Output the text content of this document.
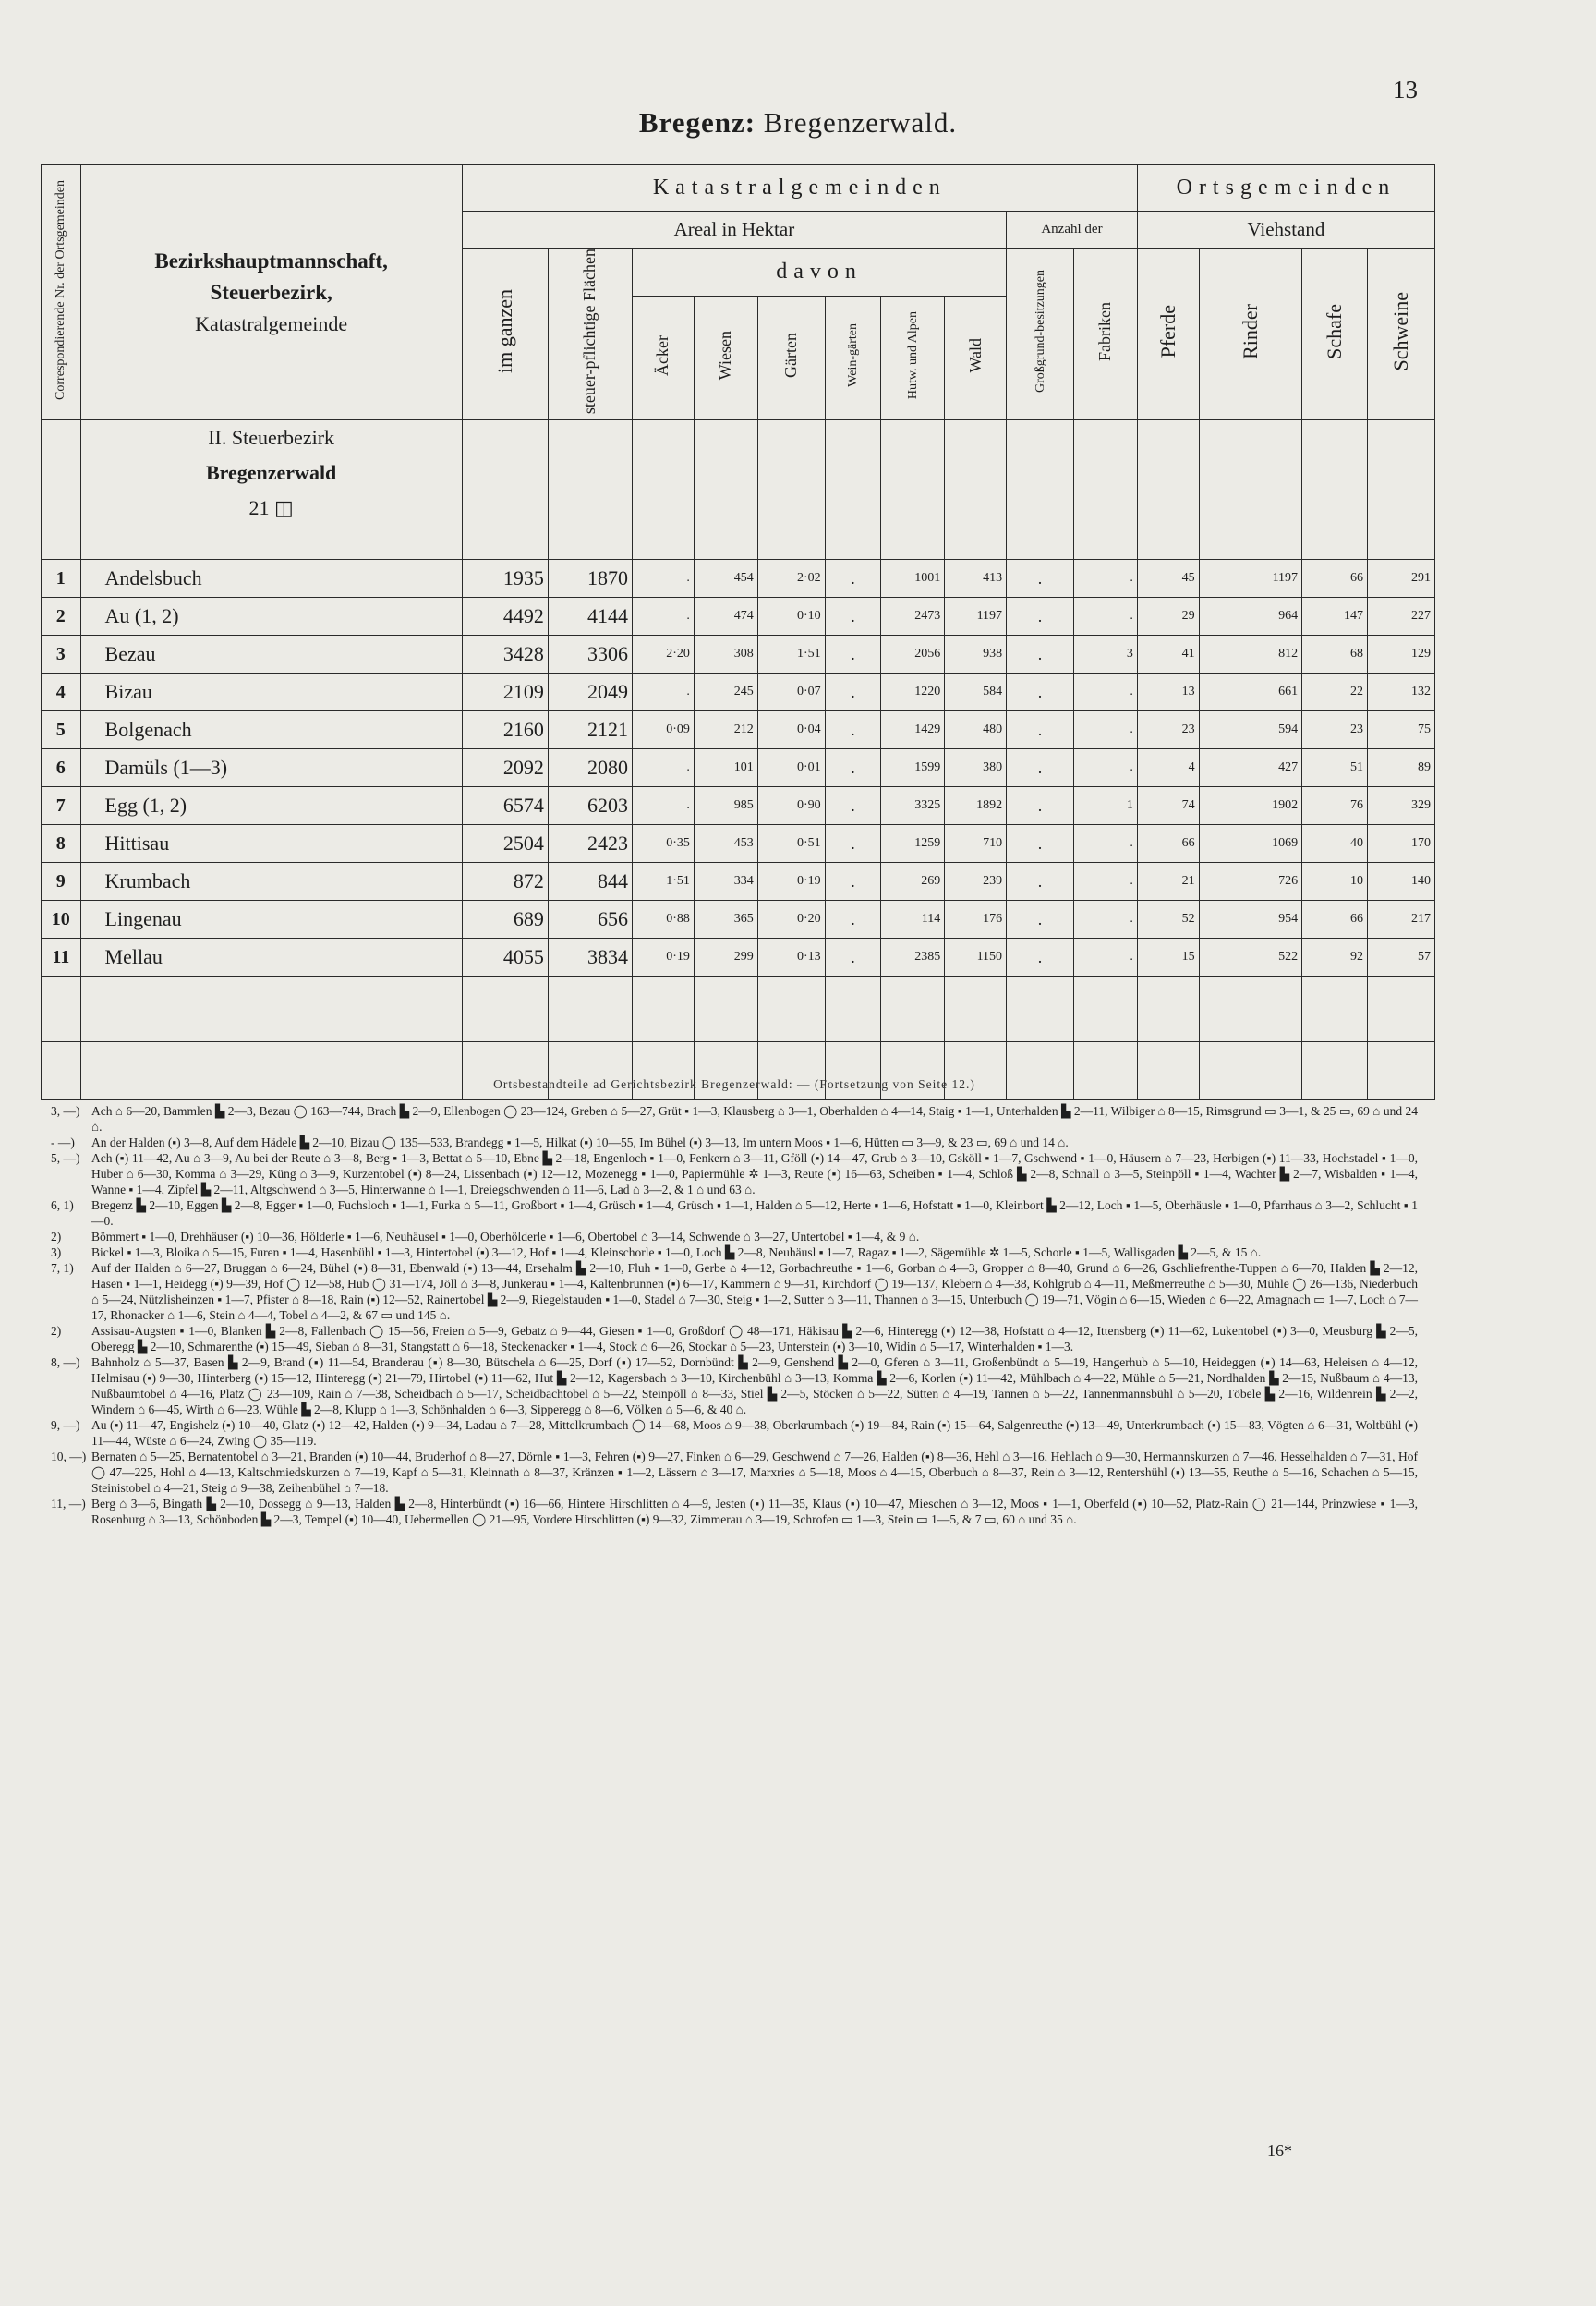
13
Bregenz: Bregenzerwald.
Correspondierende Nr. der Ortsgemeinden	Bezirkshauptmannschaft,
Steuerbezirk,
Katastralgemeinde	Katastralgemeinden										Ortsgemeinden			
		Areal in Hektar								Anzahl der		Viehstand			
		im ganzen	steuer-pflichtige Flächen	davon						Großgrund-besitzungen	Fabriken	Pferde	Rinder	Schafe	Schweine
				Äcker	Wiesen	Gärten	Wein-gärten	Hutw. und Alpen	Wald						
	II. Steuerbezirk
Bregenzerwald
21 ◫														
1	Andelsbuch	1935	1870	.	454	2·02	.	1001	413	.	.	45	1197	66	291
2	Au (1, 2)	4492	4144	.	474	0·10	.	2473	1197	.	.	29	964	147	227
3	Bezau	3428	3306	2·20	308	1·51	.	2056	938	.	3	41	812	68	129
4	Bizau	2109	2049	.	245	0·07	.	1220	584	.	.	13	661	22	132
5	Bolgenach	2160	2121	0·09	212	0·04	.	1429	480	.	.	23	594	23	75
6	Damüls (1—3)	2092	2080	.	101	0·01	.	1599	380	.	.	4	427	51	89
7	Egg (1, 2)	6574	6203	.	985	0·90	.	3325	1892	.	1	74	1902	76	329
8	Hittisau	2504	2423	0·35	453	0·51	.	1259	710	.	.	66	1069	40	170
9	Krumbach	872	844	1·51	334	0·19	.	269	239	.	.	21	726	10	140
10	Lingenau	689	656	0·88	365	0·20	.	114	176	.	.	52	954	66	217
11	Mellau	4055	3834	0·19	299	0·13	.	2385	1150	.	.	15	522	92	57

Ortsbestandteile ad Gerichtsbezirk Bregenzerwald: — (Fortsetzung von Seite 12.)
3, —) Ach ⌂ 6—20, Bammlen ▙ 2—3, Bezau ◯ 163—744, Brach ▙ 2—9, Ellenbogen ◯ 23—124, Greben ⌂ 5—27, Grüt ▪ 1—3, Klausberg ⌂ 3—1, Oberhalden ⌂ 4—14, Staig ▪ 1—1, Unterhalden ▙ 2—11, Wilbiger ⌂ 8—15, Rimsgrund ▭ 3—1, & 25 ▭, 69 ⌂ und 24 ⌂.
- —)	An der Halden (▪) 3—8, Auf dem Hädele ▙ 2—10, Bizau ◯ 135—533, Brandegg ▪ 1—5, Hilkat (▪) 10—55, Im Bühel (▪) 3—13, Im untern Moos ▪ 1—6, Hütten ▭ 3—9, & 23 ▭, 69 ⌂ und 14 ⌂.
5, —) Ach (▪) 11—42, Au ⌂ 3—9, Au bei der Reute ⌂ 3—8, Berg ▪ 1—3, Bettat ⌂ 5—10, Ebne ▙ 2—18, Engenloch ▪ 1—0, Fenkern ⌂ 3—11, Gföll (▪) 14—47, Grub ⌂ 3—10, Gsköll ▪ 1—7, Gschwend ▪ 1—0, Häusern ⌂ 7—23, Herbigen (▪) 11—33, Hochstadel ▪ 1—0, Huber ⌂ 6—30, Komma ⌂ 3—29, Küng ⌂ 3—9, Kurzentobel (▪) 8—24, Lissenbach (▪) 12—12, Mozenegg ▪ 1—0, Papiermühle ✲ 1—3, Reute (▪) 16—63, Scheiben ▪ 1—4, Schloß ▙ 2—8, Schnall ⌂ 3—5, Steinpöll ▪ 1—4, Wachter ▙ 2—7, Wisbalden ▪ 1—4, Wanne ▪ 1—4, Zipfel ▙ 2—11, Altgschwend ⌂ 3—5, Hinterwanne ⌂ 1—1, Dreiegschwenden ⌂ 11—6, Lad ⌂ 3—2, & 1 ⌂ und 63 ⌂.
6, 1)	Bregenz ▙ 2—10, Eggen ▙ 2—8, Egger ▪ 1—0, Fuchsloch ▪ 1—1, Furka ⌂ 5—11, Großbort ▪ 1—4, Grüsch ▪ 1—4, Grüsch ▪ 1—1, Halden ⌂ 5—12, Herte ▪ 1—6, Hofstatt ▪ 1—0, Kleinbort ▙ 2—12, Loch ▪ 1—5, Oberhäusle ▪ 1—0, Pfarrhaus ⌂ 3—2, Schlucht ▪ 1—0.
2)	Bömmert ▪ 1—0, Drehhäuser (▪) 10—36, Hölderle ▪ 1—6, Neuhäusel ▪ 1—0, Oberhölderle ▪ 1—6, Obertobel ⌂ 3—14, Schwende ⌂ 3—27, Untertobel ▪ 1—4, & 9 ⌂.
3)	Bickel ▪ 1—3, Bloika ⌂ 5—15, Furen ▪ 1—4, Hasenbühl ▪ 1—3, Hintertobel (▪) 3—12, Hof ▪ 1—4, Kleinschorle ▪ 1—0, Loch ▙ 2—8, Neuhäusl ▪ 1—7, Ragaz ▪ 1—2, Sägemühle ✲ 1—5, Schorle ▪ 1—5, Wallisgaden ▙ 2—5, & 15 ⌂.
7, 1)	Auf der Halden ⌂ 6—27, Bruggan ⌂ 6—24, Bühel (▪) 8—31, Ebenwald (▪) 13—44, Ersehalm ▙ 2—10, Fluh ▪ 1—0, Gerbe ⌂ 4—12, Gorbachreuthe ▪ 1—6, Gorban ⌂ 4—3, Gropper ⌂ 8—40, Grund ⌂ 6—26, Gschliefrenthe-Tuppen ⌂ 6—70, Halden ▙ 2—12, Hasen ▪ 1—1, Heidegg (▪) 9—39, Hof ◯ 12—58, Hub ◯ 31—174, Jöll ⌂ 3—8, Junkerau ▪ 1—4, Kaltenbrunnen (▪) 6—17, Kammern ⌂ 9—31, Kirchdorf ◯ 19—137, Klebern ⌂ 4—38, Kohlgrub ⌂ 4—11, Meßmerreuthe ⌂ 5—30, Mühle ◯ 26—136, Niederbuch ⌂ 5—24, Nützlisheinzen ▪ 1—7, Pfister ⌂ 8—18, Rain (▪) 12—52, Rainertobel ▙ 2—9, Riegelstauden ▪ 1—0, Stadel ⌂ 7—30, Steig ▪ 1—2, Sutter ⌂ 3—11, Thannen ⌂ 3—15, Unterbuch ◯ 19—71, Vögin ⌂ 6—15, Wieden ⌂ 6—22, Amagnach ▭ 1—7, Loch ⌂ 7—17, Rhonacker ⌂ 1—6, Stein ⌂ 4—4, Tobel ⌂ 4—2, & 67 ▭ und 145 ⌂.
2)	Assisau-Augsten ▪ 1—0, Blanken ▙ 2—8, Fallenbach ◯ 15—56, Freien ⌂ 5—9, Gebatz ⌂ 9—44, Giesen ▪ 1—0, Großdorf ◯ 48—171, Häkisau ▙ 2—6, Hinteregg (▪) 12—38, Hofstatt ⌂ 4—12, Ittensberg (▪) 11—62, Lukentobel (▪) 3—0, Meusburg ▙ 2—5, Oberegg ▙ 2—10, Schmarenthe (▪) 15—49, Sieban ⌂ 8—31, Stangstatt ⌂ 6—18, Steckenacker ▪ 1—4, Stock ⌂ 6—26, Stockar ⌂ 5—23, Unterstein (▪) 3—10, Widin ⌂ 5—17, Winterhalden ▪ 1—3.
8, —) Bahnholz ⌂ 5—37, Basen ▙ 2—9, Brand (▪) 11—54, Branderau (▪) 8—30, Bütschela ⌂ 6—25, Dorf (▪) 17—52, Dornbündt ▙ 2—9, Genshend ▙ 2—0, Gferen ⌂ 3—11, Großenbündt ⌂ 5—19, Hangerhub ⌂ 5—10, Heideggen (▪) 14—63, Heleisen ⌂ 4—12, Helmisau (▪) 9—30, Hinterberg (▪) 15—12, Hinteregg (▪) 21—79, Hirtobel (▪) 11—62, Hut ▙ 2—12, Kagersbach ⌂ 3—10, Kirchenbühl ⌂ 3—13, Komma ▙ 2—6, Korlen (▪) 11—42, Mühlbach ⌂ 4—22, Mühle ⌂ 5—21, Nordhalden ▙ 2—15, Nußbaum ⌂ 4—13, Nußbaumtobel ⌂ 4—16, Platz ◯ 23—109, Rain ⌂ 7—38, Scheidbach ⌂ 5—17, Scheidbachtobel ⌂ 5—22, Steinpöll ⌂ 8—33, Stiel ▙ 2—5, Stöcken ⌂ 5—22, Sütten ⌂ 4—19, Tannen ⌂ 5—22, Tannenmannsbühl ⌂ 5—20, Töbele ▙ 2—16, Wildenrein ▙ 2—2, Windern ⌂ 6—45, Wirth ⌂ 6—23, Wühle ▙ 2—8, Klupp ⌂ 1—3, Schönhalden ⌂ 6—3, Sipperegg ⌂ 8—6, Völken ⌂ 5—6, & 40 ⌂.
9, —) Au (▪) 11—47, Engishelz (▪) 10—40, Glatz (▪) 12—42, Halden (▪) 9—34, Ladau ⌂ 7—28, Mittelkrumbach ◯ 14—68, Moos ⌂ 9—38, Oberkrumbach (▪) 19—84, Rain (▪) 15—64, Salgenreuthe (▪) 13—49, Unterkrumbach (▪) 15—83, Vögten ⌂ 6—31, Woltbühl (▪) 11—44, Wüste ⌂ 6—24, Zwing ◯ 35—119.
10, —) Bernaten ⌂ 5—25, Bernatentobel ⌂ 3—21, Branden (▪) 10—44, Bruderhof ⌂ 8—27, Dörnle ▪ 1—3, Fehren (▪) 9—27, Finken ⌂ 6—29, Geschwend ⌂ 7—26, Halden (▪) 8—36, Hehl ⌂ 3—16, Hehlach ⌂ 9—30, Hermannskurzen ⌂ 7—46, Hesselhalden ⌂ 7—31, Hof ◯ 47—225, Hohl ⌂ 4—13, Kaltschmiedskurzen ⌂ 7—19, Kapf ⌂ 5—31, Kleinnath ⌂ 8—37, Kränzen ▪ 1—2, Lässern ⌂ 3—17, Marxries ⌂ 5—18, Moos ⌂ 4—15, Oberbuch ⌂ 8—37, Rein ⌂ 3—12, Rentershühl (▪) 13—55, Reuthe ⌂ 5—16, Schachen ⌂ 5—15, Steinistobel ⌂ 4—21, Steig ⌂ 9—38, Zeihenbühel ⌂ 7—18.
11, —) Berg ⌂ 3—6, Bingath ▙ 2—10, Dossegg ⌂ 9—13, Halden ▙ 2—8, Hinterbündt (▪) 16—66, Hintere Hirschlitten ⌂ 4—9, Jesten (▪) 11—35, Klaus (▪) 10—47, Mieschen ⌂ 3—12, Moos ▪ 1—1, Oberfeld (▪) 10—52, Platz-Rain ◯ 21—144, Prinzwiese ▪ 1—3, Rosenburg ⌂ 3—13, Schönboden ▙ 2—3, Tempel (▪) 10—40, Uebermellen ◯ 21—95, Vordere Hirschlitten (▪) 9—32, Zimmerau ⌂ 3—19, Schrofen ▭ 1—3, Stein ▭ 1—5, & 7 ▭, 60 ⌂ und 35 ⌂.
16*
